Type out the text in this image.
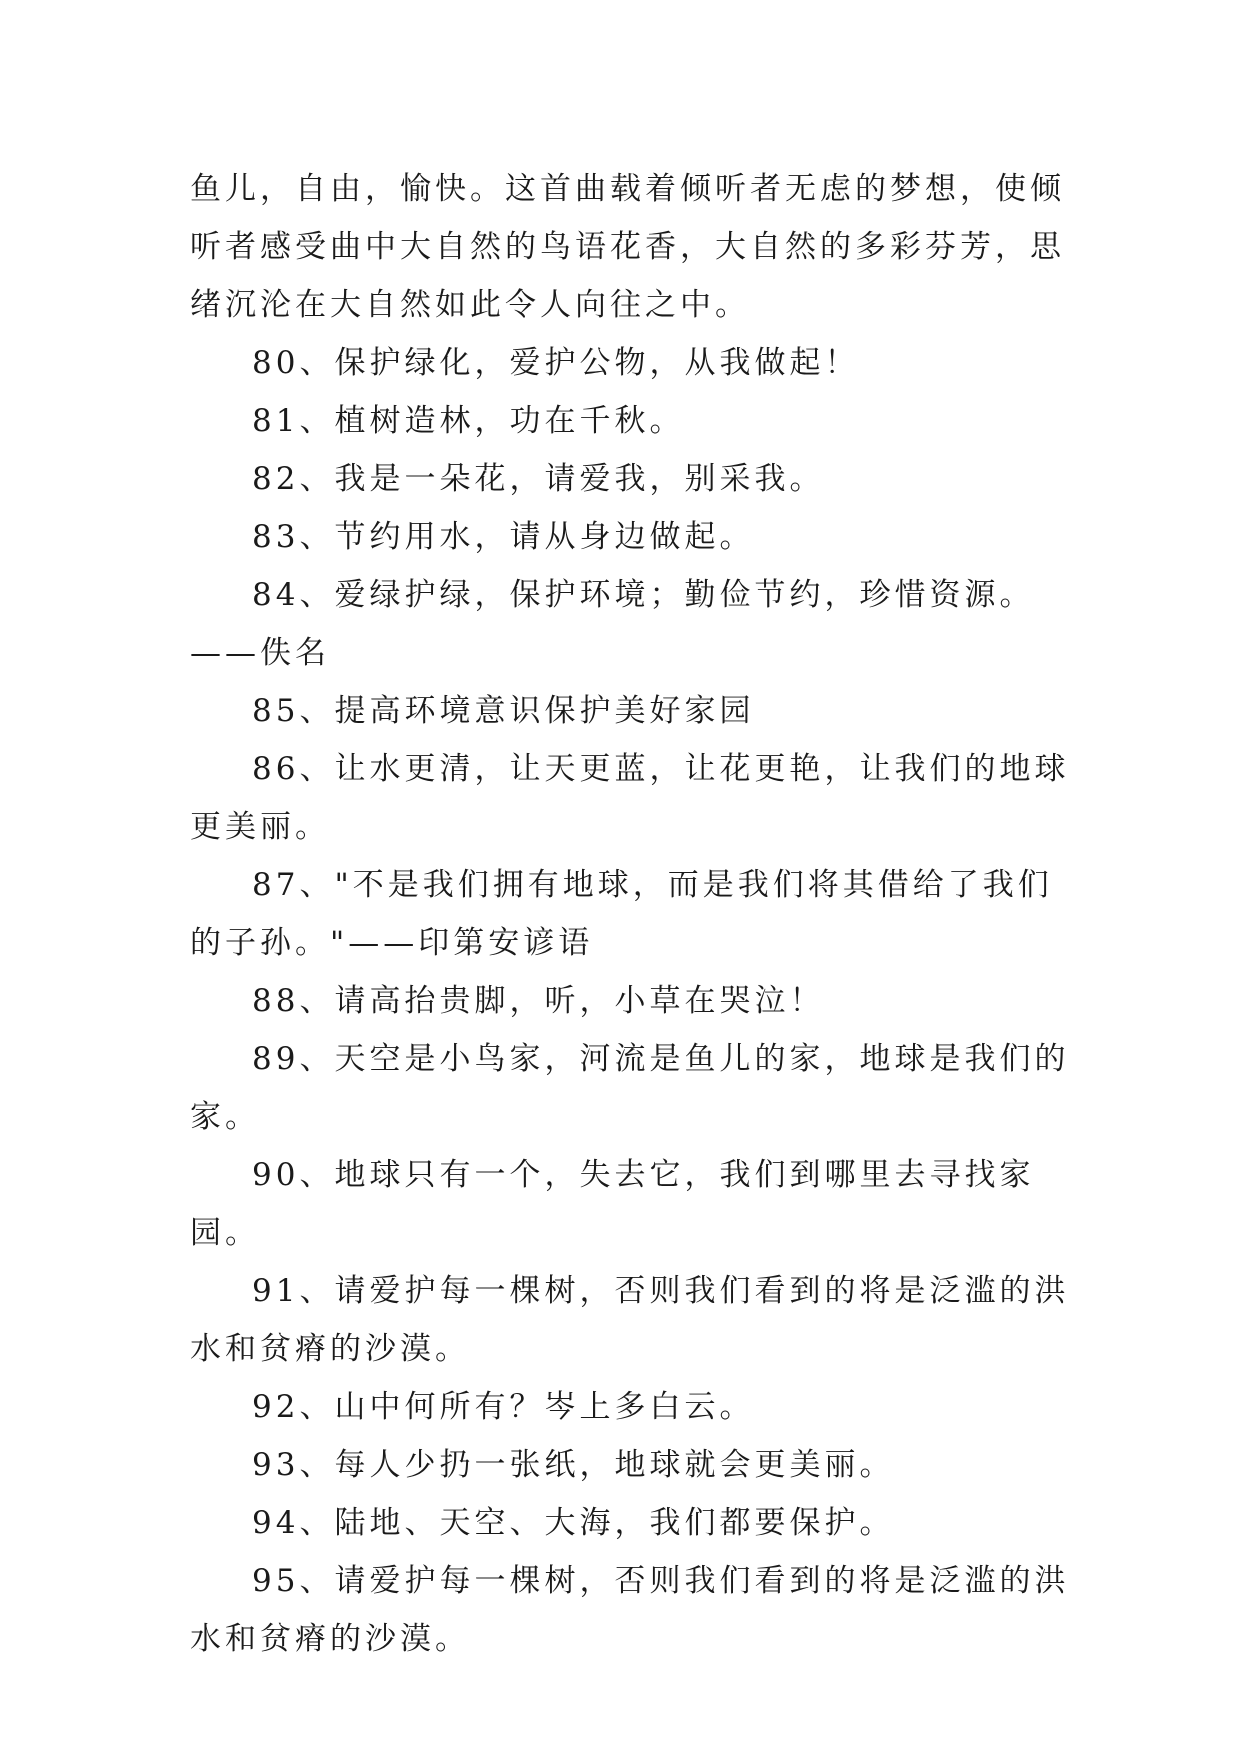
鱼儿，自由，愉快。这首曲载着倾听者无虑的梦想，使倾听者感受曲中大自然的鸟语花香，大自然的多彩芬芳，思绪沉沦在大自然如此令人向往之中。

80、保护绿化，爱护公物，从我做起！

81、植树造林，功在千秋。

82、我是一朵花，请爱我，别采我。

83、节约用水，请从身边做起。

84、爱绿护绿，保护环境；勤俭节约，珍惜资源。——佚名

85、提高环境意识保护美好家园

86、让水更清，让天更蓝，让花更艳，让我们的地球更美丽。

87、"不是我们拥有地球，而是我们将其借给了我们的子孙。"——印第安谚语

88、请高抬贵脚，听，小草在哭泣！

89、天空是小鸟家，河流是鱼儿的家，地球是我们的家。

90、地球只有一个，失去它，我们到哪里去寻找家园。

91、请爱护每一棵树，否则我们看到的将是泛滥的洪水和贫瘠的沙漠。

92、山中何所有？岑上多白云。

93、每人少扔一张纸，地球就会更美丽。

94、陆地、天空、大海，我们都要保护。

95、请爱护每一棵树，否则我们看到的将是泛滥的洪水和贫瘠的沙漠。
